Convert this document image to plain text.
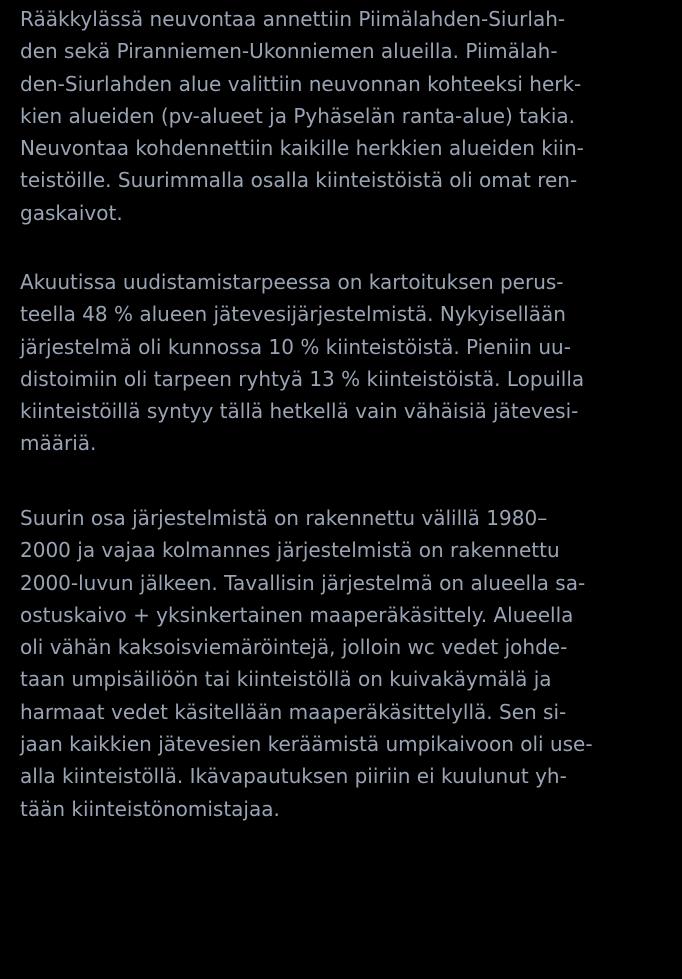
Rääkkylässä neuvontaa annettiin Piimälahden-Siurlah-
den sekä Piranniemen-Ukonniemen alueilla. Piimälah-
den-Siurlahden alue valittiin neuvonnan kohteeksi herk-
kien alueiden (pv-alueet ja Pyhäselän ranta-alue) takia.
Neuvontaa kohdennettiin kaikille herkkien alueiden kiin-
teistöille. Suurimmalla osalla kiinteistöistä oli omat ren-
gaskaivot.
Akuutissa uudistamistarpeessa on kartoituksen perus-
teella 48 % alueen jätevesijärjestelmistä. Nykyisellään
järjestelmä oli kunnossa 10 % kiinteistöistä. Pieniin uu-
distoimiin oli tarpeen ryhtyä 13 % kiinteistöistä. Lopuilla
kiinteistöillä syntyy tällä hetkellä vain vähäisiä jätevesi-
määriä.
Suurin osa järjestelmistä on rakennettu välillä 1980–
2000 ja vajaa kolmannes järjestelmistä on rakennettu
2000-luvun jälkeen. Tavallisin järjestelmä on alueella sa-
ostuskaivo + yksinkertainen maaperäkäsittely. Alueella
oli vähän kaksoisviemäröintejä, jolloin wc vedet johde-
taan umpisäiliöön tai kiinteistöllä on kuivakäymälä ja
harmaat vedet käsitellään maaperäkäsittelyllä. Sen si-
jaan kaikkien jätevesien keräämistä umpikaivoon oli use-
alla kiinteistöllä. Ikävapautuksen piiriin ei kuulunut yh-
tään kiinteistönomistajaa.
